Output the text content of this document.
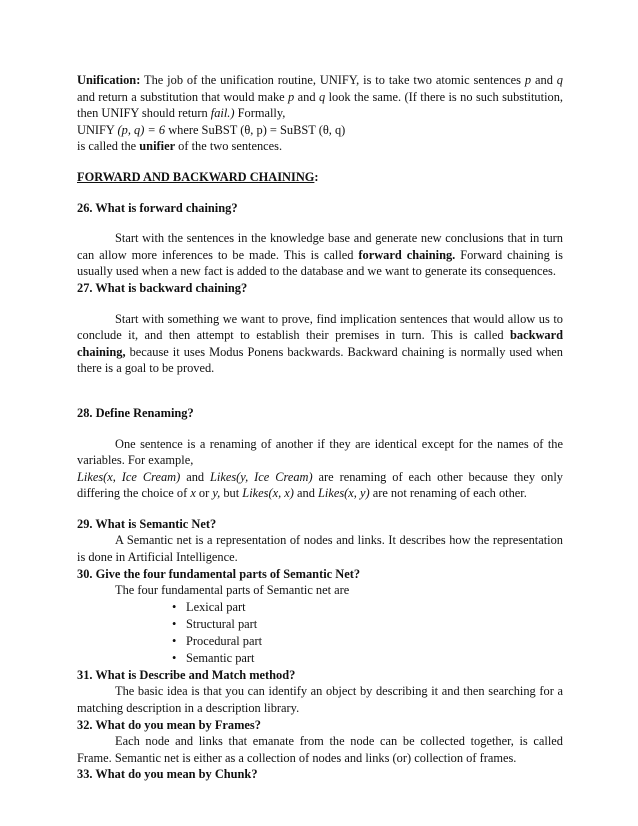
Unification: The job of the unification routine, UNIFY, is to take two atomic sentences p and q and return a substitution that would make p and q look the same. (If there is no such substitution, then UNIFY should return fail.) Formally,

UNIFY (p, q) = 6 where SuBST (θ, p) = SuBST (θ, q)

is called the unifier of the two sentences.

FORWARD AND BACKWARD CHAINING:

26. What is forward chaining?

Start with the sentences in the knowledge base and generate new conclusions that in turn can allow more inferences to be made. This is called forward chaining. Forward chaining is usually used when a new fact is added to the database and we want to generate its consequences.

27. What is backward chaining?

Start with something we want to prove, find implication sentences that would allow us to conclude it, and then attempt to establish their premises in turn. This is called backward chaining, because it uses Modus Ponens backwards. Backward chaining is normally used when there is a goal to be proved.

28. Define Renaming?

One sentence is a renaming of another if they are identical except for the names of the variables. For example,

Likes(x, Ice Cream) and Likes(y, Ice Cream) are renaming of each other because they only differing the choice of x or y, but Likes(x, x) and Likes(x, y) are not renaming of each other.

29. What is Semantic Net?

A Semantic net is a representation of nodes and links. It describes how the representation is done in Artificial Intelligence.

30. Give the four fundamental parts of Semantic Net?

The four fundamental parts of Semantic net are

• Lexical part
• Structural part
• Procedural part
• Semantic part

31. What is Describe and Match method?

The basic idea is that you can identify an object by describing it and then searching for a matching description in a description library.

32. What do you mean by Frames?

Each node and links that emanate from the node can be collected together, is called Frame. Semantic net is either as a collection of nodes and links (or) collection of frames.

33. What do you mean by Chunk?
